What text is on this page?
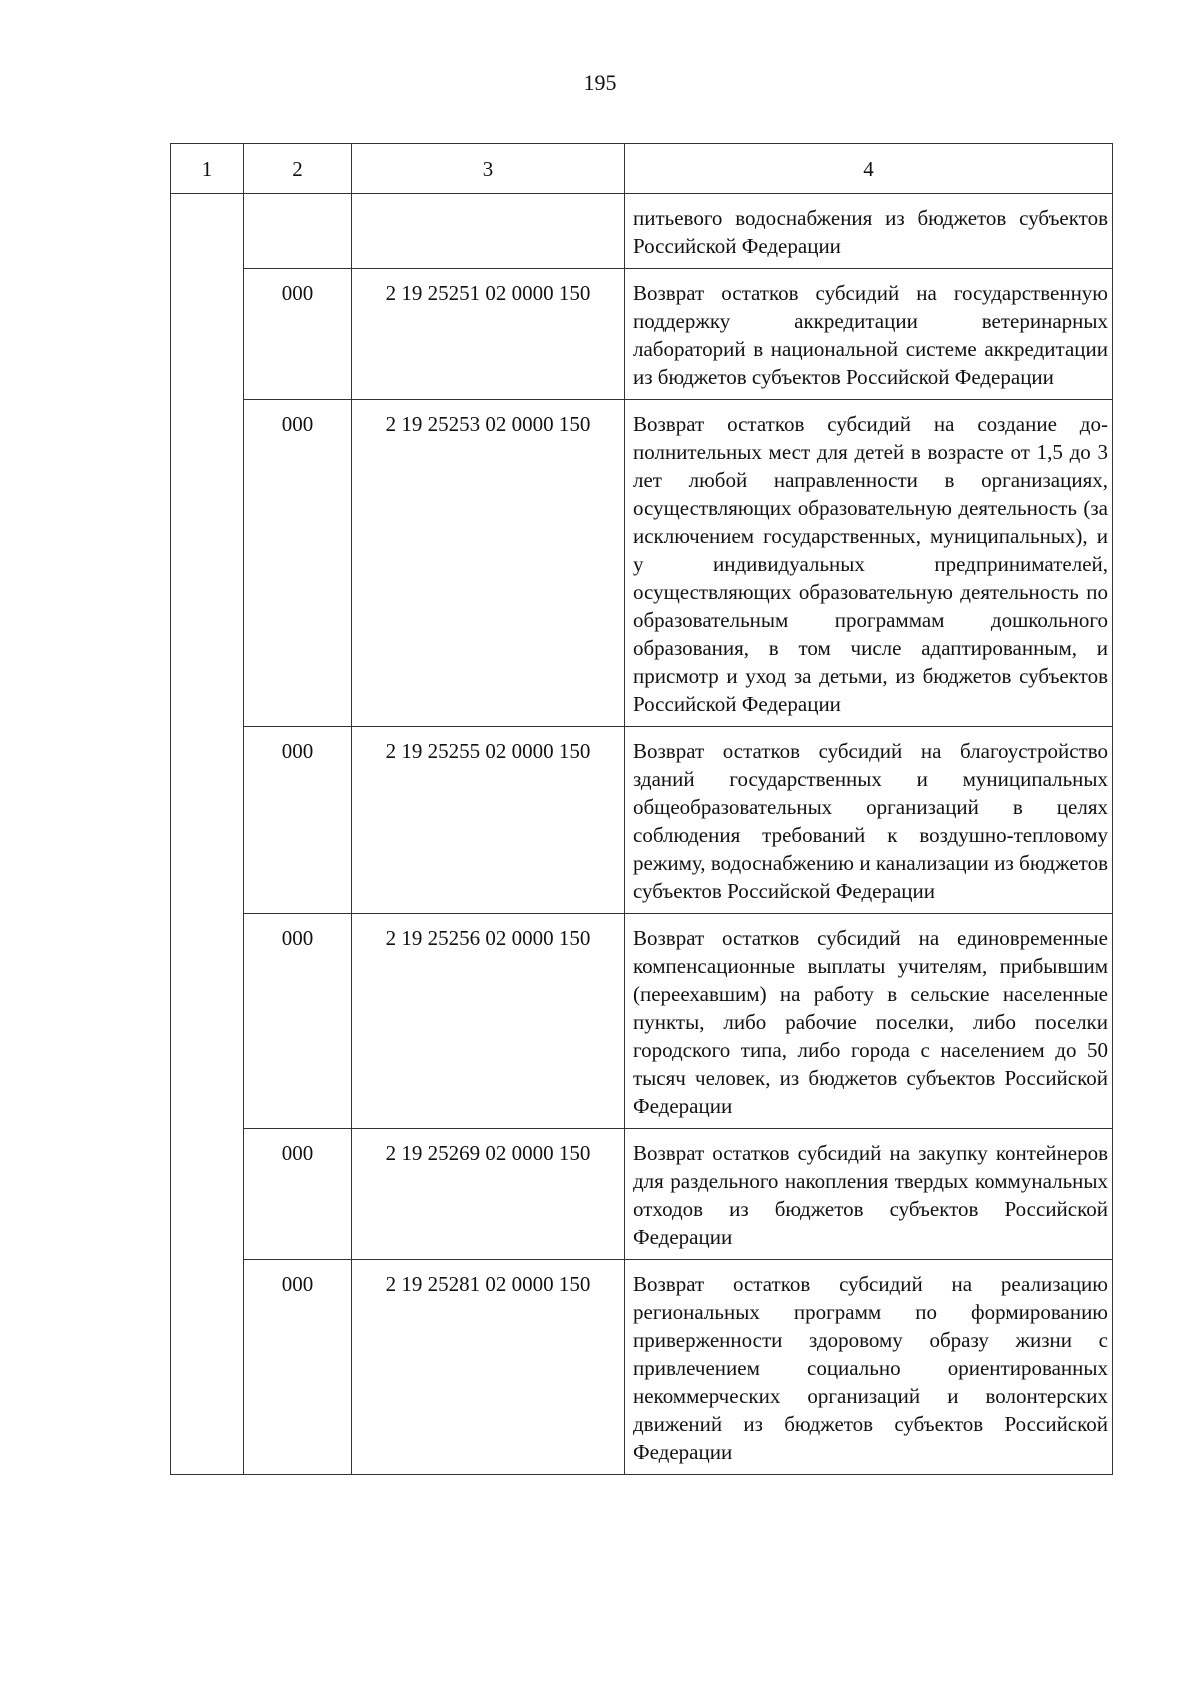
195
1	2	3	4
			питьевого водоснабжения из бюджетов субъектов Российской Федерации
	000	2 19 25251 02 0000 150	Возврат остатков субсидий на государственную поддержку аккредитации ветеринарных лабораторий в национальной системе аккредитации из бюджетов субъектов Российской Федерации
	000	2 19 25253 02 0000 150	Возврат остатков субсидий на создание дополнительных мест для детей в возрасте от 1,5 до 3 лет любой направленности в организациях, осуществляющих образовательную деятельность (за исключением государственных, муниципальных), и у индивидуальных предпринимателей, осуществляющих образовательную деятельность по образовательным программам дошкольного образования, в том числе адаптированным, и присмотр и уход за детьми, из бюджетов субъектов Российской Федерации
	000	2 19 25255 02 0000 150	Возврат остатков субсидий на благоустройство зданий государственных и муниципальных общеобразовательных организаций в целях соблюдения требований к воздушно-тепловому режиму, водоснабжению и канализации из бюджетов субъектов Российской Федерации
	000	2 19 25256 02 0000 150	Возврат остатков субсидий на единовременные компенсационные выплаты учителям, прибывшим (переехавшим) на работу в сельские населенные пункты, либо рабочие поселки, либо поселки городского типа, либо города с населением до 50 тысяч человек, из бюджетов субъектов Российской Федерации
	000	2 19 25269 02 0000 150	Возврат остатков субсидий на закупку контейнеров для раздельного накопления твердых коммунальных отходов из бюджетов субъектов Российской Федерации
	000	2 19 25281 02 0000 150	Возврат остатков субсидий на реализацию региональных программ по формированию приверженности здоровому образу жизни с привлечением социально ориентированных некоммерческих организаций и волонтерских движений из бюджетов субъектов Российской Федерации
